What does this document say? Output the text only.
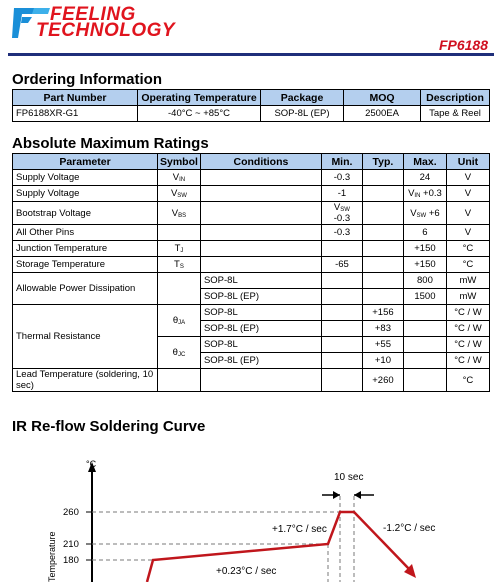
FEELING
TECHNOLOGY
FP6188
Ordering Information
Part Number	Operating Temperature	Package	MOQ	Description
FP6188XR-G1	-40°C ~ +85°C	SOP-8L (EP)	2500EA	Tape & Reel
Absolute Maximum Ratings
Parameter	Symbol	Conditions	Min.	Typ.	Max.	Unit
Supply Voltage	VIN		-0.3		24	V
Supply Voltage	VSW		-1		VIN +0.3	V
Bootstrap Voltage	VBS		VSW -0.3		VSW +6	V
All Other Pins			-0.3		6	V
Junction Temperature	TJ				+150	°C
Storage Temperature	TS		-65		+150	°C
Allowable Power Dissipation		SOP-8L			800	mW
		SOP-8L (EP)			1500	mW
Thermal Resistance	θJA	SOP-8L		+156		°C / W
		SOP-8L (EP)		+83		°C / W
	θJC	SOP-8L		+55		°C / W
		SOP-8L (EP)		+10		°C / W
Lead Temperature (soldering, 10 sec)				+260		°C
IR Re-flow Soldering Curve
°C
Temperature
260
210
180
10 sec
+1.7°C / sec	-1.2°C / sec
+0.23°C / sec
